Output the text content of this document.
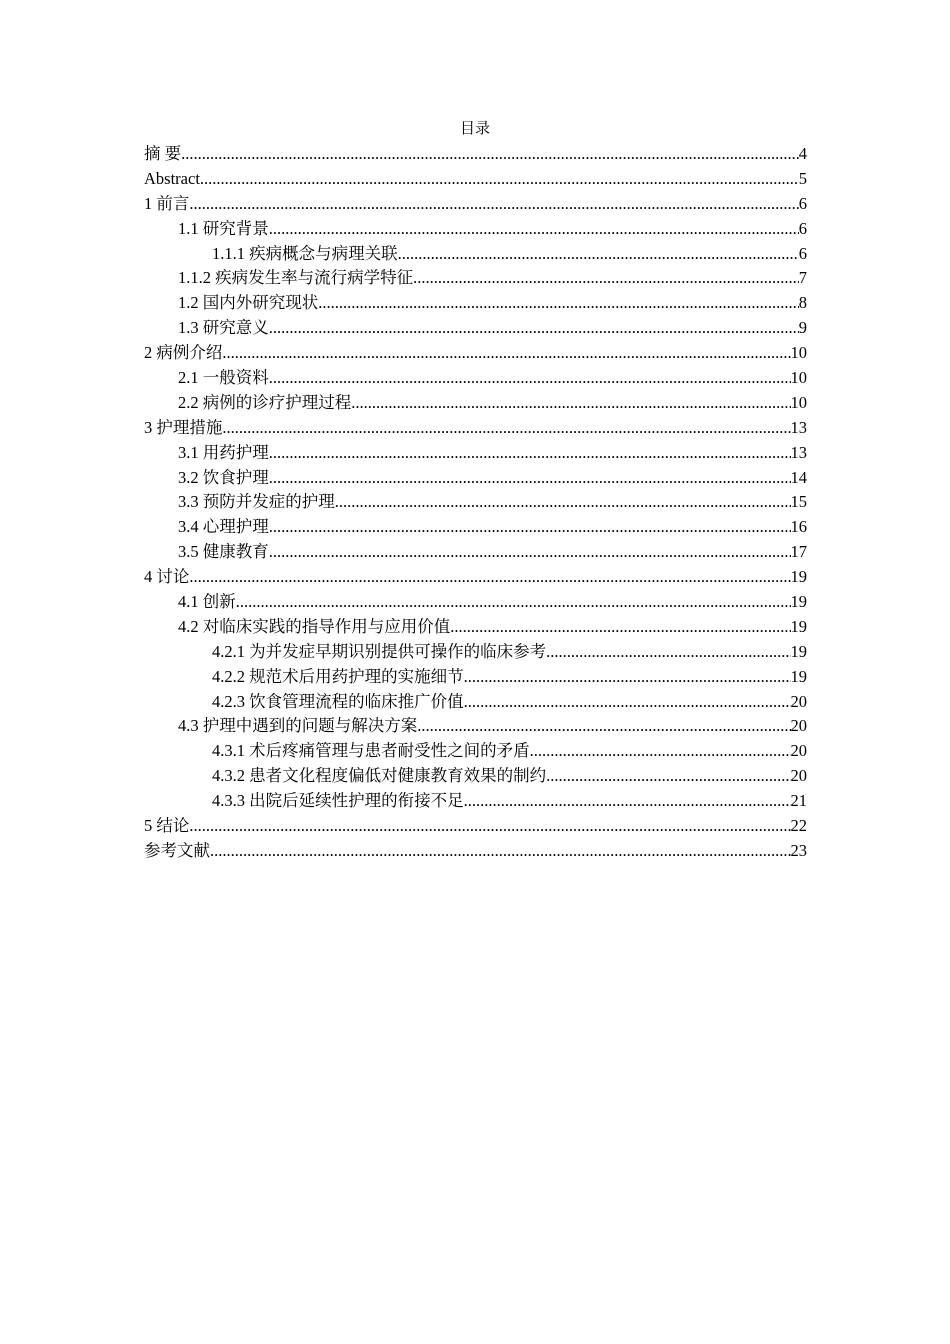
目录
摘 要 .....	4
Abstract .....	5
1 前言 .....	6
1.1 研究背景 .....	6
1.1.1 疾病概念与病理关联 .....	6
1.1.2 疾病发生率与流行病学特征 .....	7
1.2 国内外研究现状 .....	8
1.3 研究意义 .....	9
2 病例介绍 .....	10
2.1 一般资料 .....	10
2.2 病例的诊疗护理过程 .....	10
3 护理措施 .....	13
3.1 用药护理 .....	13
3.2 饮食护理 .....	14
3.3 预防并发症的护理 .....	15
3.4 心理护理 .....	16
3.5 健康教育 .....	17
4 讨论 .....	19
4.1 创新 .....	19
4.2 对临床实践的指导作用与应用价值 .....	19
4.2.1 为并发症早期识别提供可操作的临床参考 .....	19
4.2.2 规范术后用药护理的实施细节 .....	19
4.2.3 饮食管理流程的临床推广价值 .....	20
4.3 护理中遇到的问题与解决方案 .....	20
4.3.1 术后疼痛管理与患者耐受性之间的矛盾 .....	20
4.3.2 患者文化程度偏低对健康教育效果的制约 .....	20
4.3.3 出院后延续性护理的衔接不足 .....	21
5 结论 .....	22
参考文献 .....	23
